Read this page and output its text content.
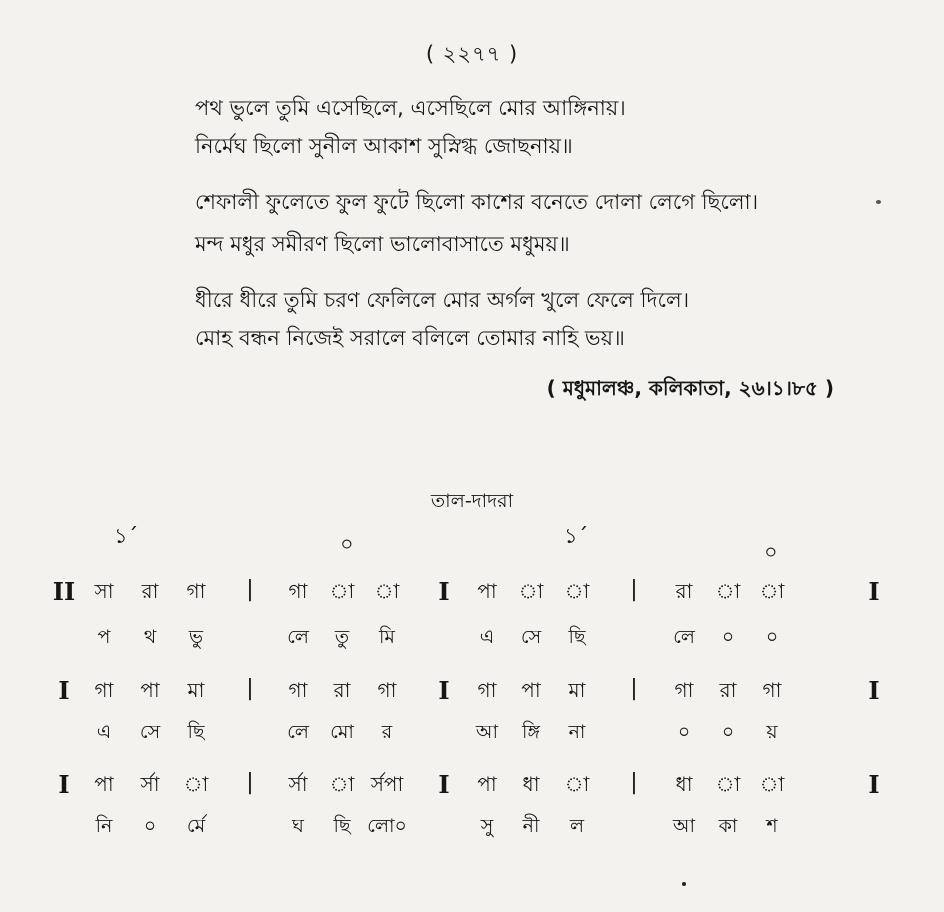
( ২২৭৭ )
পথ ভুলে তুমি এসেছিলে, এসেছিলে মোর আঙ্গিনায়।
নির্মেঘ ছিলো সুনীল আকাশ সুস্নিগ্ধ জোছনায়॥
শেফালী ফুলেতে ফুল ফুটে ছিলো কাশের বনেতে দোলা লেগে ছিলো।
মন্দ মধুর সমীরণ ছিলো ভালোবাসাতে মধুময়॥
ধীরে ধীরে তুমি চরণ ফেলিলে মোর অর্গল খুলে ফেলে দিলে।
মোহ বন্ধন নিজেই সরালে বলিলে তোমার নাহি ভয়॥
( মধুমালঞ্চ, কলিকাতা, ২৬।১।৮৫ )
তাল-দাদরা
১´	০	১´
০
II সা রা গা | গা া া I পা া া | রা া া	I
প থ ভু	লে তু মি	এ সে ছি	লে ০ ০
I গা পা মা | গা রা গা I গা পা মা | গা রা গা	I
এ সে ছি	লে মো র	আ ঙ্গি না	০ ০ য়
I পা র্সা া | র্সা া র্সপা I পা ধা া | ধা া া	I
নি ০ র্মে	ঘ ছি লো০	সু নী ল	আ কা শ
